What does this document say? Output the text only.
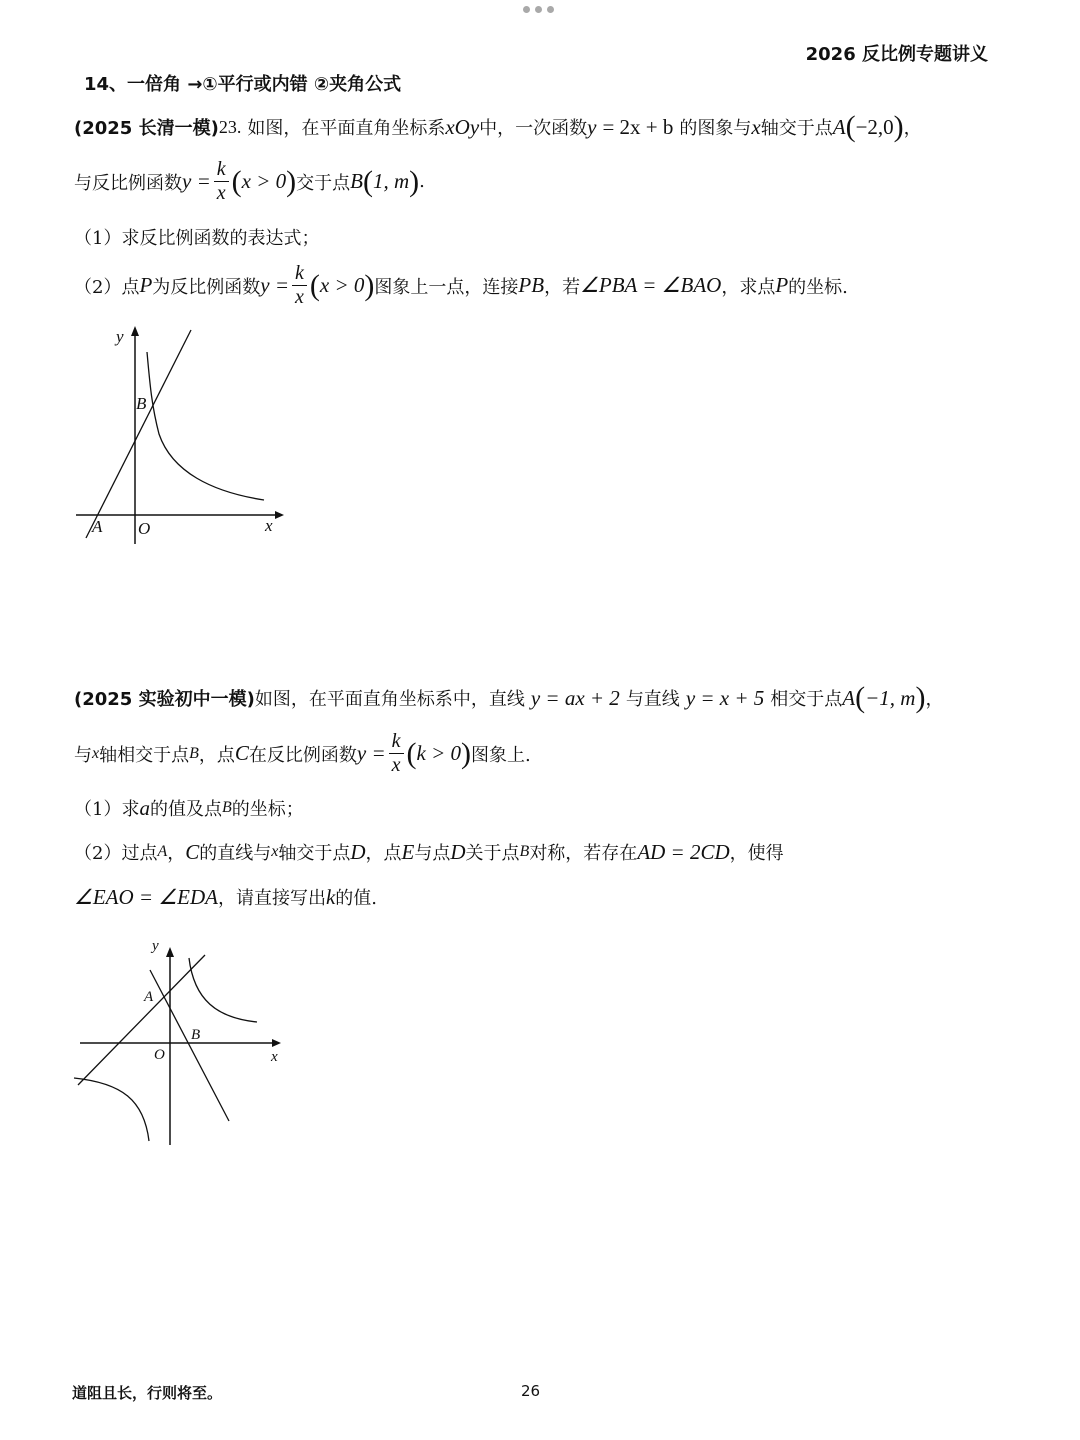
2026 反比例专题讲义
14、一倍角 →①平行或内错 ②夹角公式
(2025 长清一模) 23. 如图，在平面直角坐标系 xOy 中，一次函数 y = 2x + b 的图象与 x 轴交于点 A ( −2,0 ) ，
与反比例函数 $y = \frac{k}{x}$ ( x > 0 ) 交于点 B ( 1, m ) .
（1）求反比例函数的表达式；
（2）点 P 为反比例函数 $y = \frac{k}{x}$ ( x > 0 ) 图象上一点，连接 PB ，若 ∠PBA = ∠BAO ，求点 P 的坐标.
y
x
A O
B
(2025 实验初中一模) 如图，在平面直角坐标系中，直线 y = ax + 2 与直线 y = x + 5 相交于点 A ( −1, m ) ，
与 x 轴相交于点 B ，点 C 在反比例函数 $y = \frac{k}{x}$ ( k > 0 ) 图象上.
（1）求 a 的值及点 B 的坐标；
（2）过点 A ， C 的直线与 x 轴交于点 D ，点 E 与点 D 关于点 B 对称，若存在 AD = 2CD ，使得
∠EAO = ∠EDA ，请直接写出 k 的值.
y
x
A
O
B
道阻且长，行则将至。	26
